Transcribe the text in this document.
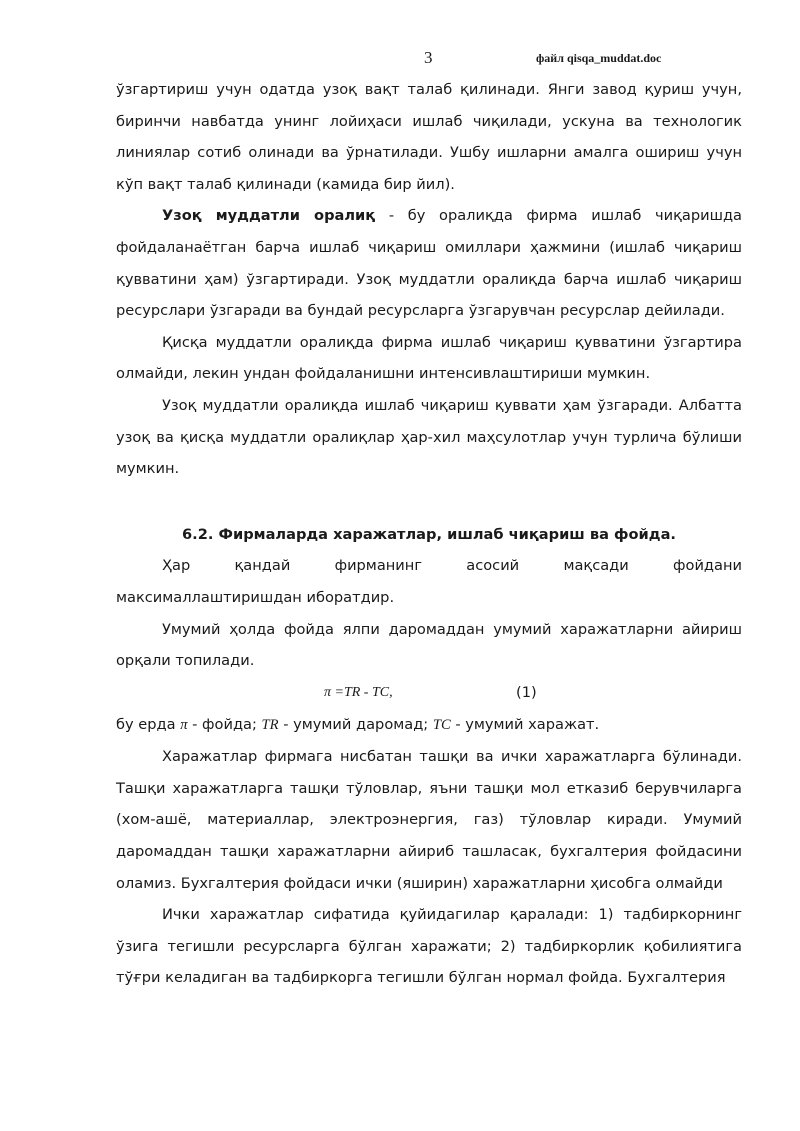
3	файл qisqa_muddat.doc

ўзгартириш учун одатда узоқ вақт талаб қилинади. Янги завод қуриш учун, биринчи навбатда унинг лойиҳаси ишлаб чиқилади, ускуна ва технологик линиялар сотиб олинади ва ўрнатилади. Ушбу ишларни амалга ошириш учун кўп вақт талаб қилинади (камида бир йил).

Узоқ муддатли оралиқ - бу оралиқда фирма ишлаб чиқаришда фойдаланаётган барча ишлаб чиқариш омиллари ҳажмини (ишлаб чиқариш қувватини ҳам) ўзгартиради. Узоқ муддатли оралиқда барча ишлаб чиқариш ресурслари ўзгаради ва бундай ресурсларга ўзгарувчан ресурслар дейилади.

Қисқа муддатли оралиқда фирма ишлаб чиқариш қувватини ўзгартира олмайди, лекин ундан фойдаланишни интенсивлаштириши мумкин.

Узоқ муддатли оралиқда ишлаб чиқариш қуввати ҳам ўзгаради. Албатта узоқ ва қисқа муддатли оралиқлар ҳар-хил маҳсулотлар учун турлича бўлиши мумкин.

6.2. Фирмаларда харажатлар, ишлаб чиқариш ва фойда.

Ҳар қандай фирманинг асосий мақсади фойдани

максималлаштиришдан иборатдир.

Умумий ҳолда фойда ялпи даромаддан умумий харажатларни айириш орқали топилади.

π =TR - TC,	(1)

бу ерда π - фойда; TR - умумий даромад; TC - умумий харажат.

Харажатлар фирмага нисбатан ташқи ва ички харажатларга бўлинади. Ташқи харажатларга ташқи тўловлар, яъни ташқи мол етказиб берувчиларга (хом-ашё, материаллар, электроэнергия, газ) тўловлар киради. Умумий даромаддан ташқи харажатларни айириб ташласак, бухгалтерия фойдасини оламиз. Бухгалтерия фойдаси ички (яширин) харажатларни ҳисобга олмайди

Ички харажатлар сифатида қуйидагилар қаралади: 1) тадбиркорнинг ўзига тегишли ресурсларга бўлган харажати; 2) тадбиркорлик қобилиятига тўғри келадиган ва тадбиркорга тегишли бўлган нормал фойда. Бухгалтерия
